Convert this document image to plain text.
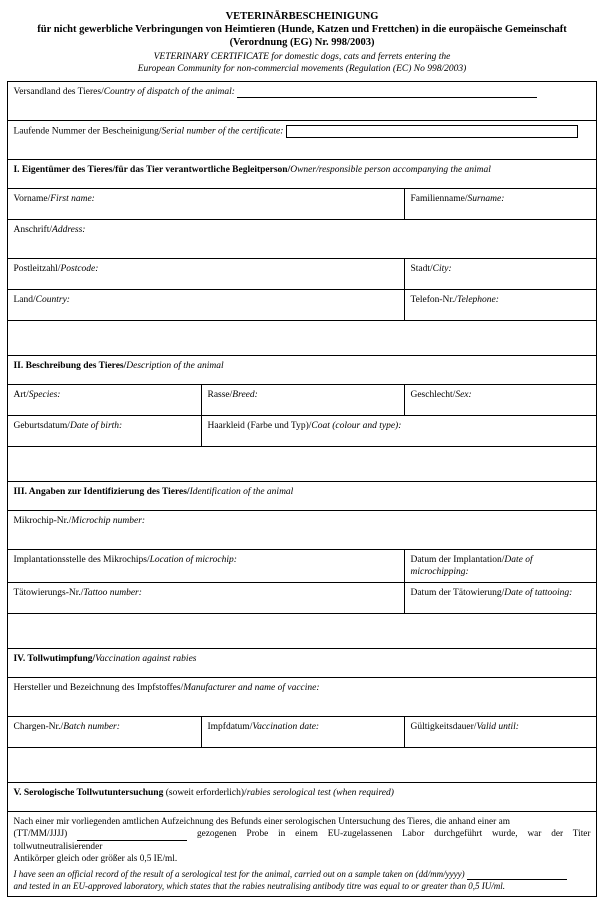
VETERINÄRBESCHEINIGUNG
für nicht gewerbliche Verbringungen von Heimtieren (Hunde, Katzen und Frettchen) in die europäische Gemeinschaft
(Verordnung (EG) Nr. 998/2003)
VETERINARY CERTIFICATE for domestic dogs, cats and ferrets entering the
European Community for non-commercial movements (Regulation (EC) No 998/2003)
Versandland des Tieres/Country of dispatch of the animal:		
Laufende Nummer der Bescheinigung/Serial number of the certificate:		
I. Eigentümer des Tieres/für das Tier verantwortliche Begleitperson/Owner/responsible person accompanying the animal		
Vorname/First name:		Familienname/Surname:
Anschrift/Address:		
Postleitzahl/Postcode:		Stadt/City:
Land/Country:		Telefon-Nr./Telephone:

II. Beschreibung des Tieres/Description of the animal		
Art/Species:	Rasse/Breed:	Geschlecht/Sex:
Geburtsdatum/Date of birth:	Haarkleid (Farbe und Typ)/Coat (colour and type):	

III. Angaben zur Identifizierung des Tieres/Identification of the animal		
Mikrochip-Nr./Microchip number:		
Implantationsstelle des Mikrochips/Location of microchip:		Datum der Implantation/Date of microchipping:
Tätowierungs-Nr./Tattoo number:		Datum der Tätowierung/Date of tattooing:

IV. Tollwutimpfung/Vaccination against rabies		
Hersteller und Bezeichnung des Impfstoffes/Manufacturer and name of vaccine:		
Chargen-Nr./Batch number:	Impfdatum/Vaccination date:	Gültigkeitsdauer/Valid until:

V. Serologische Tollwutuntersuchung (soweit erforderlich)/rabies serological test (when required)		

Nach einer mir vorliegenden amtlichen Aufzeichnung des Befunds einer serologischen Untersuchung des Tieres, die anhand einer am
(TT/MM/JJJJ) gezogenen Probe in einem EU-zugelassenen Labor durchgeführt wurde, war der Titer tollwutneutralisierender
Antikörper gleich oder größer als 0,5 IE/ml.
I have seen an official record of the result of a serological test for the animal, carried out on a sample taken on (dd/mm/yyyy)
and tested in an EU-approved laboratory, which states that the rabies neutralising antibody titre was equal to or greater than 0,5 IU/ml.		
